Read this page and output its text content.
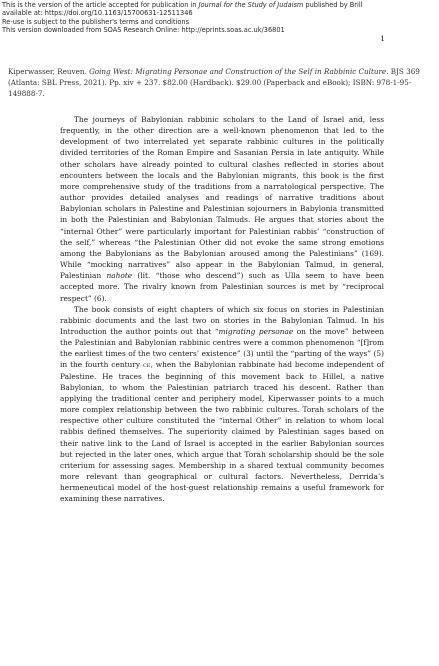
This is the version of the article accepted for publication in Journal for the Study of Judaism published by Brill
available at: https://doi.org/10.1163/15700631-12511346
Re-use is subject to the publisher's terms and conditions
This version downloaded from SOAS Research Online: http://eprints.soas.ac.uk/36801
1
Kiperwasser, Reuven. Going West: Migrating Personae and Construction of the Self in Rabbinic Culture. BJS 369 (Atlanta: SBL Press, 2021). Pp. xiv + 237. $82.00 (Hardback). $29.00 (Paperback and eBook); ISBN: 978-1-95-149888-7.

The journeys of Babylonian rabbinic scholars to the Land of Israel and, less frequently, in the other direction are a well-known phenomenon that led to the development of two interrelated yet separate rabbinic cultures in the politically divided territories of the Roman Empire and Sasanian Persia in late antiquity. While other scholars have already pointed to cultural clashes reflected in stories about encounters between the locals and the Babylonian migrants, this book is the first more comprehensive study of the traditions from a narratological perspective. The author provides detailed analyses and readings of narrative traditions about Babylonian scholars in Palestine and Palestinian sojourners in Babylonia transmitted in both the Palestinian and Babylonian Talmuds. He argues that stories about the “internal Other” were particularly important for Palestinian rabbis’ “construction of the self,” whereas “the Palestinian Other did not evoke the same strong emotions among the Babylonians as the Babylonian aroused among the Palestinians” (169). While “mocking narratives” also appear in the Babylonian Talmud, in general, Palestinian nahote (lit. “those who descend”) such as Ulla seem to have been accepted more. The rivalry known from Palestinian sources is met by “reciprocal respect” (6).

The book consists of eight chapters of which six focus on stories in Palestinian rabbinic documents and the last two on stories in the Babylonian Talmud. In his Introduction the author points out that “migrating personae on the move” between the Palestinian and Babylonian rabbinic centres were a common phenomenon “[f]rom the earliest times of the two centers’ existence” (3) until the “parting of the ways” (5) in the fourth century ce, when the Babylonian rabbinate had become independent of Palestine. He traces the beginning of this movement back to Hillel, a native Babylonian, to whom the Palestinian patriarch traced his descent. Rather than applying the traditional center and periphery model, Kiperwasser points to a much more complex relationship between the two rabbinic cultures. Torah scholars of the respective other culture constituted the “internal Other” in relation to whom local rabbis defined themselves. The superiority claimed by Palestinian sages based on their native link to the Land of Israel is accepted in the earlier Babylonian sources but rejected in the later ones, which argue that Torah scholarship should be the sole criterium for assessing sages. Membership in a shared textual community becomes more relevant than geographical or cultural factors. Nevertheless, Derrida’s hermeneutical model of the host-guest relationship remains a useful framework for examining these narratives.
